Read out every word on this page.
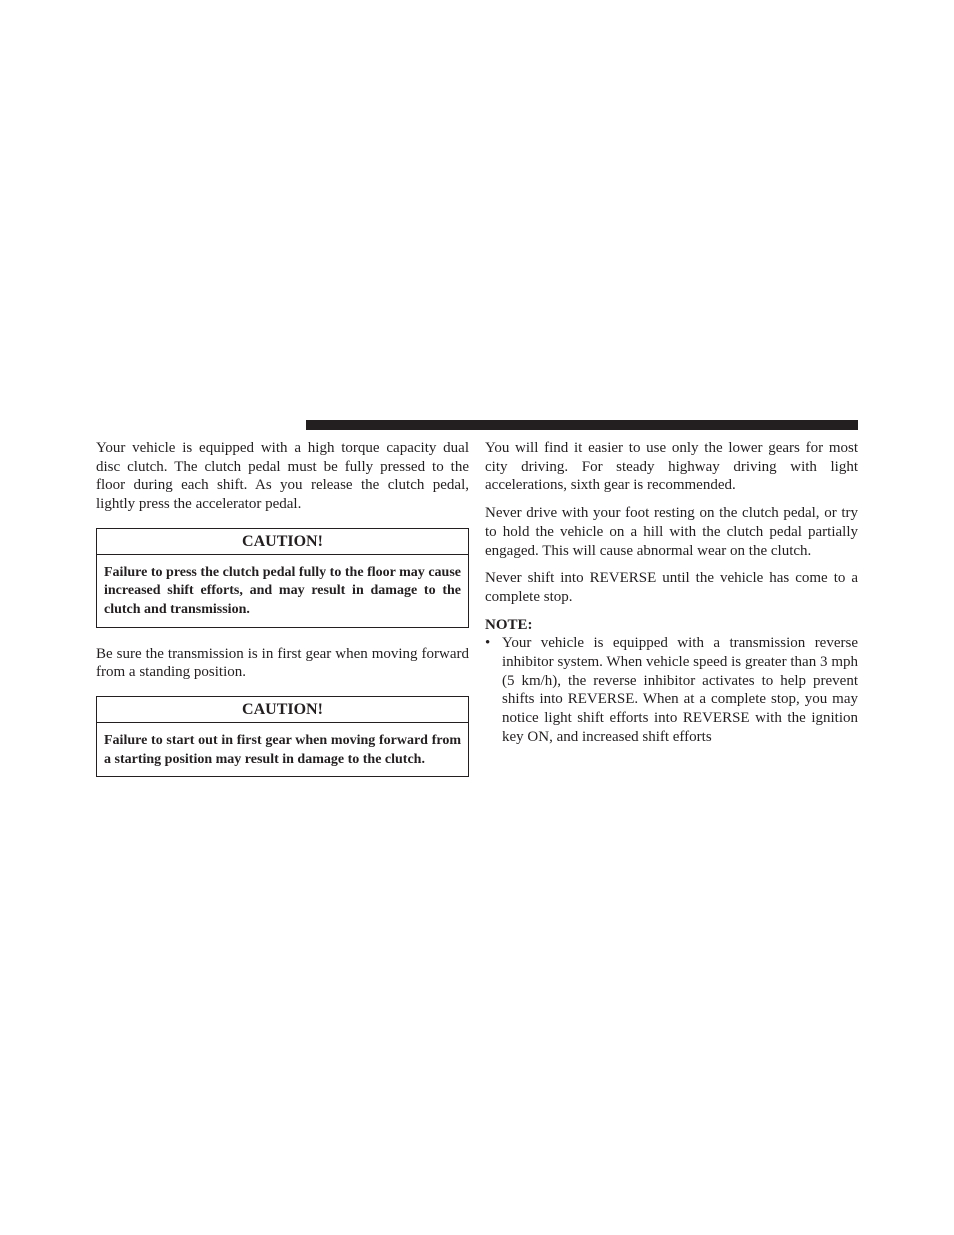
Your vehicle is equipped with a high torque capacity dual disc clutch. The clutch pedal must be fully pressed to the floor during each shift. As you release the clutch pedal, lightly press the accelerator pedal.

CAUTION!
Failure to press the clutch pedal fully to the floor may cause increased shift efforts, and may result in damage to the clutch and transmission.

Be sure the transmission is in first gear when moving forward from a standing position.

CAUTION!
Failure to start out in first gear when moving forward from a starting position may result in damage to the clutch.

You will find it easier to use only the lower gears for most city driving. For steady highway driving with light accelerations, sixth gear is recommended.

Never drive with your foot resting on the clutch pedal, or try to hold the vehicle on a hill with the clutch pedal partially engaged. This will cause abnormal wear on the clutch.

Never shift into REVERSE until the vehicle has come to a complete stop.

NOTE:
• Your vehicle is equipped with a transmission reverse inhibitor system. When vehicle speed is greater than 3 mph (5 km/h), the reverse inhibitor activates to help prevent shifts into REVERSE. When at a complete stop, you may notice light shift efforts into REVERSE with the ignition key ON, and increased shift efforts
